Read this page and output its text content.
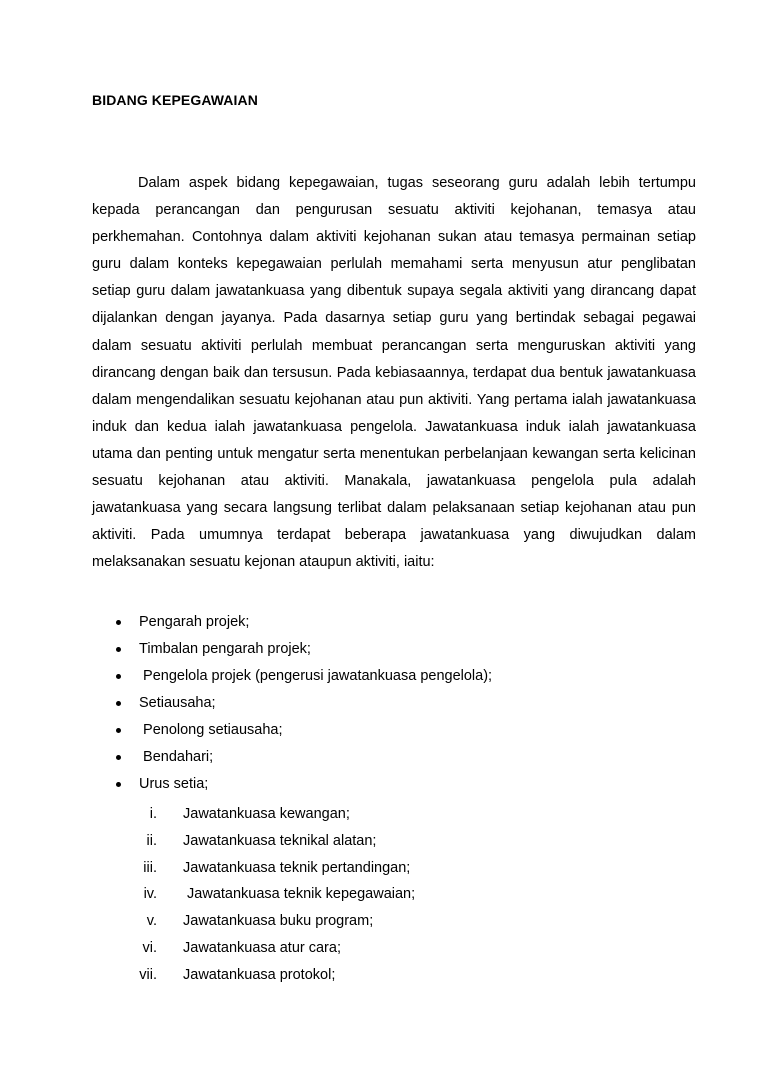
BIDANG KEPEGAWAIAN

Dalam aspek bidang kepegawaian, tugas seseorang guru adalah lebih tertumpu kepada perancangan dan pengurusan sesuatu aktiviti kejohanan, temasya atau perkhemahan. Contohnya dalam aktiviti kejohanan sukan atau temasya permainan setiap guru dalam konteks kepegawaian perlulah memahami serta menyusun atur penglibatan setiap guru dalam jawatankuasa yang dibentuk supaya segala aktiviti yang dirancang dapat dijalankan dengan jayanya. Pada dasarnya setiap guru yang bertindak sebagai pegawai dalam sesuatu aktiviti perlulah membuat perancangan serta menguruskan aktiviti yang dirancang dengan baik dan tersusun. Pada kebiasaannya, terdapat dua bentuk jawatankuasa dalam mengendalikan sesuatu kejohanan atau pun aktiviti. Yang pertama ialah jawatankuasa induk dan kedua ialah jawatankuasa pengelola. Jawatankuasa induk ialah jawatankuasa utama dan penting untuk mengatur serta menentukan perbelanjaan kewangan serta kelicinan sesuatu kejohanan atau aktiviti. Manakala, jawatankuasa pengelola pula adalah jawatankuasa yang secara langsung terlibat dalam pelaksanaan setiap kejohanan atau pun aktiviti. Pada umumnya terdapat beberapa jawatankuasa yang diwujudkan dalam melaksanakan sesuatu kejonan ataupun aktiviti, iaitu:

Pengarah projek;
Timbalan pengarah projek;
Pengelola projek (pengerusi jawatankuasa pengelola);
Setiausaha;
Penolong setiausaha;
Bendahari;
Urus setia;
i. Jawatankuasa kewangan;
ii. Jawatankuasa teknikal alatan;
iii. Jawatankuasa teknik pertandingan;
iv. Jawatankuasa teknik kepegawaian;
v. Jawatankuasa buku program;
vi. Jawatankuasa atur cara;
vii. Jawatankuasa protokol;
